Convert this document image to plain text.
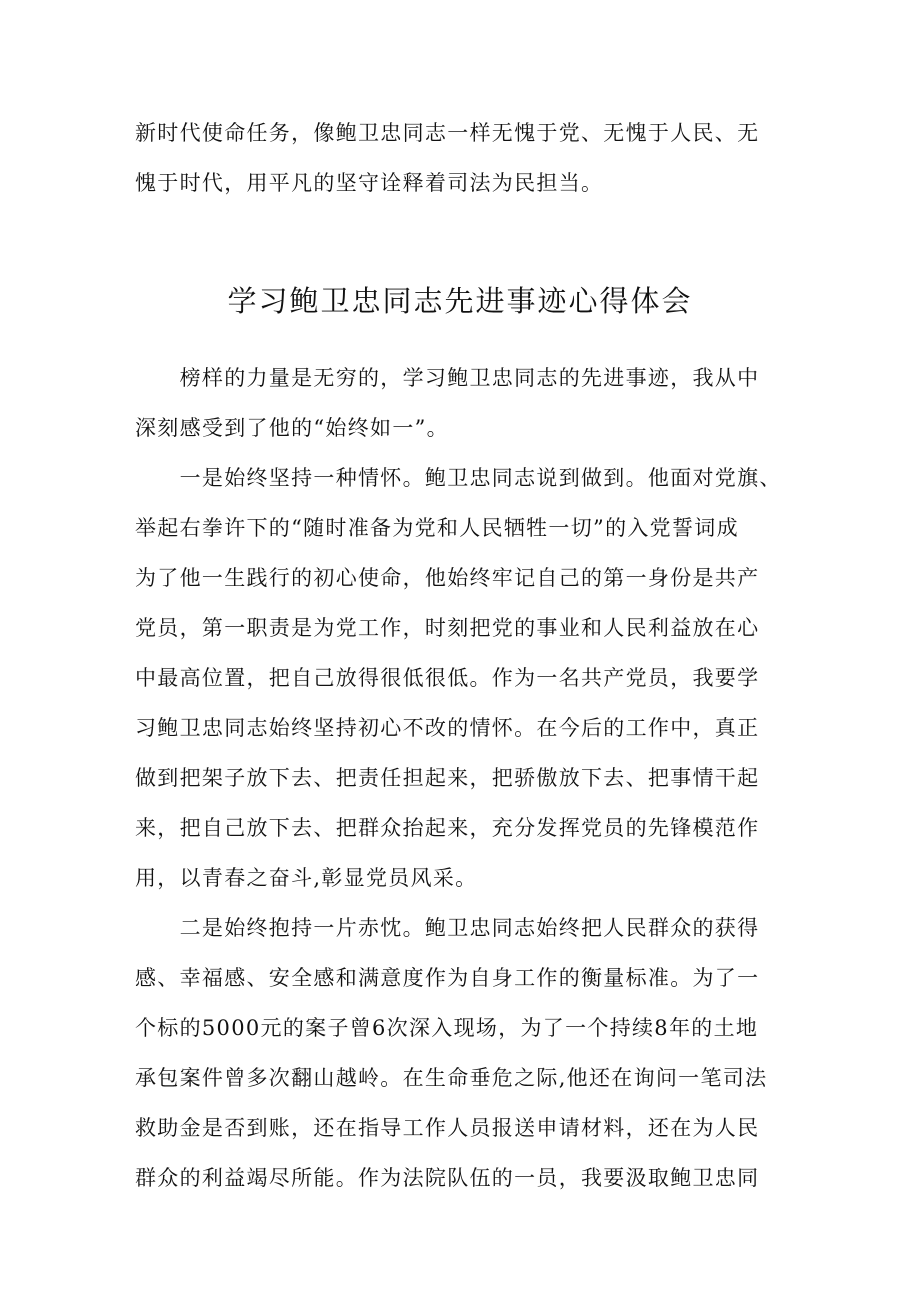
新时代使命任务，像鲍卫忠同志一样无愧于党、无愧于人民、无
愧于时代，用平凡的坚守诠释着司法为民担当。
学习鲍卫忠同志先进事迹心得体会
　　榜样的力量是无穷的，学习鲍卫忠同志的先进事迹，我从中
深刻感受到了他的“始终如一”。
　　一是始终坚持一种情怀。鲍卫忠同志说到做到。他面对党旗、
举起右拳许下的“随时准备为党和人民牺牲一切”的入党誓词成
为了他一生践行的初心使命，他始终牢记自己的第一身份是共产
党员，第一职责是为党工作，时刻把党的事业和人民利益放在心
中最高位置，把自己放得很低很低。作为一名共产党员，我要学
习鲍卫忠同志始终坚持初心不改的情怀。在今后的工作中，真正
做到把架子放下去、把责任担起来，把骄傲放下去、把事情干起
来，把自己放下去、把群众抬起来，充分发挥党员的先锋模范作
用，以青春之奋斗,彰显党员风采。
　　二是始终抱持一片赤忱。鲍卫忠同志始终把人民群众的获得
感、幸福感、安全感和满意度作为自身工作的衡量标准。为了一
个标的5000元的案子曾6次深入现场，为了一个持续8年的土地
承包案件曾多次翻山越岭。在生命垂危之际,他还在询问一笔司法
救助金是否到账，还在指导工作人员报送申请材料，还在为人民
群众的利益竭尽所能。作为法院队伍的一员，我要汲取鲍卫忠同
